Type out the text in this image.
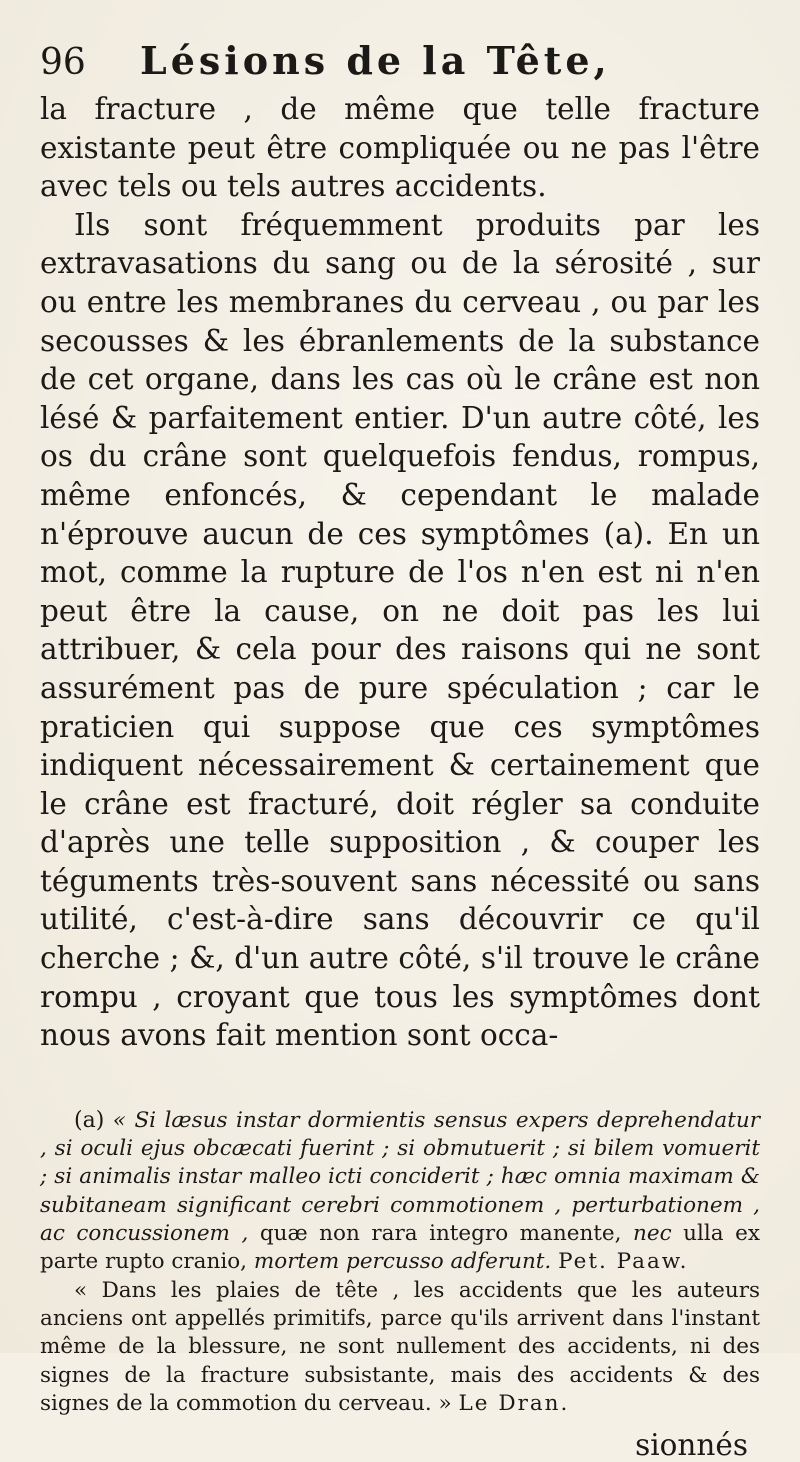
96	Lésions de la Tête,

la fracture , de même que telle fracture existante peut être compliquée ou ne pas l'être avec tels ou tels autres accidents.

Ils sont fréquemment produits par les extravasations du sang ou de la sérosité , sur ou entre les membranes du cerveau , ou par les secousses & les ébranlements de la substance de cet organe, dans les cas où le crâne est non lésé & parfaitement entier. D'un autre côté, les os du crâne sont quelquefois fendus, rompus, même enfoncés, & cependant le malade n'éprouve aucun de ces symptômes (a). En un mot, comme la rupture de l'os n'en est ni n'en peut être la cause, on ne doit pas les lui attribuer, & cela pour des raisons qui ne sont assurément pas de pure spéculation ; car le praticien qui suppose que ces symptômes indiquent nécessairement & certainement que le crâne est fracturé, doit régler sa conduite d'après une telle supposition , & couper les téguments très-souvent sans nécessité ou sans utilité, c'est-à-dire sans découvrir ce qu'il cherche ; &, d'un autre côté, s'il trouve le crâne rompu , croyant que tous les symptômes dont nous avons fait mention sont occa-

(a) « Si læsus instar dormientis sensus expers deprehendatur , si oculi ejus obcæcati fuerint ; si obmutuerit ; si bilem vomuerit ; si animalis instar malleo icti conciderit ; hæc omnia maximam & subitaneam significant cerebri commotionem , perturbationem , ac concussionem , quæ non rara integro manente, nec ulla ex parte rupto cranio, mortem percusso adferunt. Pet. Paaw.

« Dans les plaies de tête , les accidents que les auteurs anciens ont appellés primitifs, parce qu'ils arrivent dans l'instant même de la blessure, ne sont nullement des accidents, ni des signes de la fracture subsistante, mais des accidents & des signes de la commotion du cerveau. » Le Dran.

sionnés
